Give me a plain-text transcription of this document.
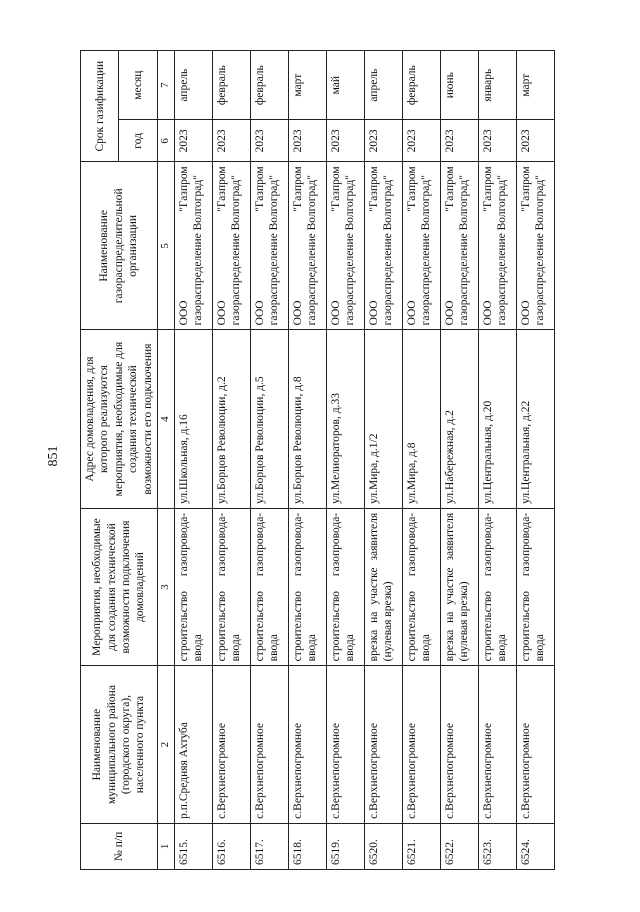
851
№ п/п	Наименование муниципального района (городского округа), населенного пункта	Мероприятия, необходимые для создания технической возможности подключения домовладений	Адрес домовладения, для которого реализуются мероприятия, необходимые для создания технической возможности его подключения	Наименование газораспределительной организации	Срок газификации	
					год	месяц
1	2	3	4	5	6	7
6515.	р.п.Средняя Ахтуба	строительство газопровода-ввода	ул.Школьная, д.16	ООО "Газпром газораспределение Волгоград"	2023	апрель
6516.	с.Верхнепогромное	строительство газопровода-ввода	ул.Борцов Революции, д.2	ООО "Газпром газораспределение Волгоград"	2023	февраль
6517.	с.Верхнепогромное	строительство газопровода-ввода	ул.Борцов Революции, д.5	ООО "Газпром газораспределение Волгоград"	2023	февраль
6518.	с.Верхнепогромное	строительство газопровода-ввода	ул.Борцов Революции, д.8	ООО "Газпром газораспределение Волгоград"	2023	март
6519.	с.Верхнепогромное	строительство газопровода-ввода	ул.Мелиораторов, д.33	ООО "Газпром газораспределение Волгоград"	2023	май
6520.	с.Верхнепогромное	врезка на участке заявителя (нулевая врезка)	ул.Мира, д.1/2	ООО "Газпром газораспределение Волгоград"	2023	апрель
6521.	с.Верхнепогромное	строительство газопровода-ввода	ул.Мира, д.8	ООО "Газпром газораспределение Волгоград"	2023	февраль
6522.	с.Верхнепогромное	врезка на участке заявителя (нулевая врезка)	ул.Набережная, д.2	ООО "Газпром газораспределение Волгоград"	2023	июнь
6523.	с.Верхнепогромное	строительство газопровода-ввода	ул.Центральная, д.20	ООО "Газпром газораспределение Волгоград"	2023	январь
6524.	с.Верхнепогромное	строительство газопровода-ввода	ул.Центральная, д.22	ООО "Газпром газораспределение Волгоград"	2023	март
